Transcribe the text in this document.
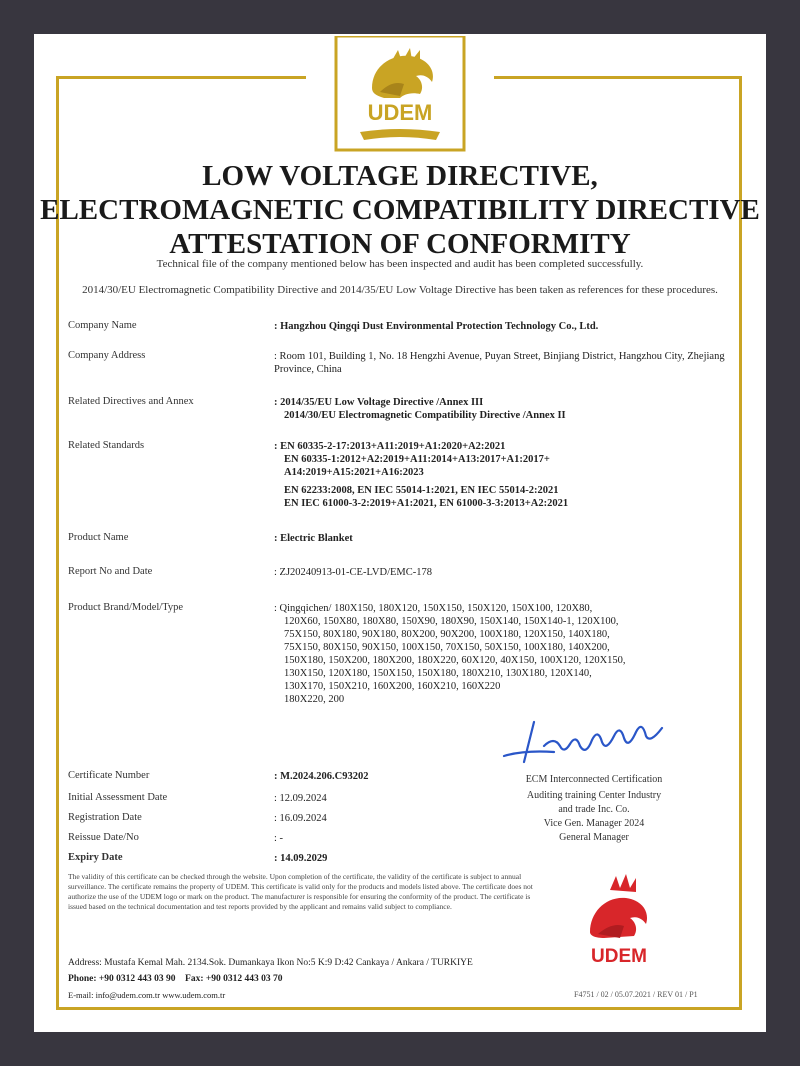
UDEM
LOW VOLTAGE DIRECTIVE,
ELECTROMAGNETIC COMPATIBILITY DIRECTIVE
ATTESTATION OF CONFORMITY
Technical file of the company mentioned below has been inspected and audit has been completed successfully.
2014/30/EU Electromagnetic Compatibility Directive and 2014/35/EU Low Voltage Directive has been taken as references for these procedures.
Company Name	: Hangzhou Qingqi Dust Environmental Protection Technology Co., Ltd.
Company Address	: Room 101, Building 1, No. 18 Hengzhi Avenue, Puyan Street, Binjiang District, Hangzhou City, Zhejiang Province, China
Related Directives and Annex	: 2014/35/EU Low Voltage Directive /Annex III
2014/30/EU Electromagnetic Compatibility Directive /Annex II
Related Standards	: EN 60335-2-17:2013+A11:2019+A1:2020+A2:2021
EN 60335-1:2012+A2:2019+A11:2014+A13:2017+A1:2017+
A14:2019+A15:2021+A16:2023
EN 62233:2008, EN IEC 55014-1:2021, EN IEC 55014-2:2021
EN IEC 61000-3-2:2019+A1:2021, EN 61000-3-3:2013+A2:2021
Product Name	: Electric Blanket
Report No and Date	: ZJ20240913-01-CE-LVD/EMC-178
Product Brand/Model/Type	: Qingqichen/ 180X150, 180X120, 150X150, 150X120, 150X100, 120X80,
120X60, 150X80, 180X80, 150X90, 180X90, 150X140, 150X140-1, 120X100,
75X150, 80X180, 90X180, 80X200, 90X200, 100X180, 120X150, 140X180,
75X150, 80X150, 90X150, 100X150, 70X150, 50X150, 100X180, 140X200,
150X180, 150X200, 180X200, 180X220, 60X120, 40X150, 100X120, 120X150,
130X150, 120X180, 150X150, 150X180, 180X210, 130X180, 120X140,
130X170, 150X210, 160X200, 160X210, 160X220
180X220, 200
ECM Interconnected Certification
Auditing training Center Industry
and trade Inc. Co.
Vice Gen. Manager 2024
General Manager
Certificate Number	: M.2024.206.C93202
Initial Assessment Date	: 12.09.2024
Registration Date	: 16.09.2024
Reissue Date/No	: -
Expiry Date	: 14.09.2029
The validity of this certificate can be checked through the website. Upon completion of the certificate, the validity of the certificate is subject to annual surveillance. The certificate remains the property of UDEM. This certificate is valid only for the products and models listed above. The certificate does not authorize the use of the UDEM logo or mark on the product. The manufacturer is responsible for ensuring the conformity of the product. The certificate is issued based on the technical documentation and test reports provided by the applicant and remains valid subject to compliance.
Address: Mustafa Kemal Mah. 2134.Sok. Dumankaya Ikon No:5 K:9 D:42 Cankaya / Ankara / TURKIYE
Phone: +90 0312 443 03 90 Fax: +90 0312 443 03 70
E-mail: info@udem.com.tr www.udem.com.tr	F4751 / 02 / 05.07.2021 / REV 01 / P1
UDEM
